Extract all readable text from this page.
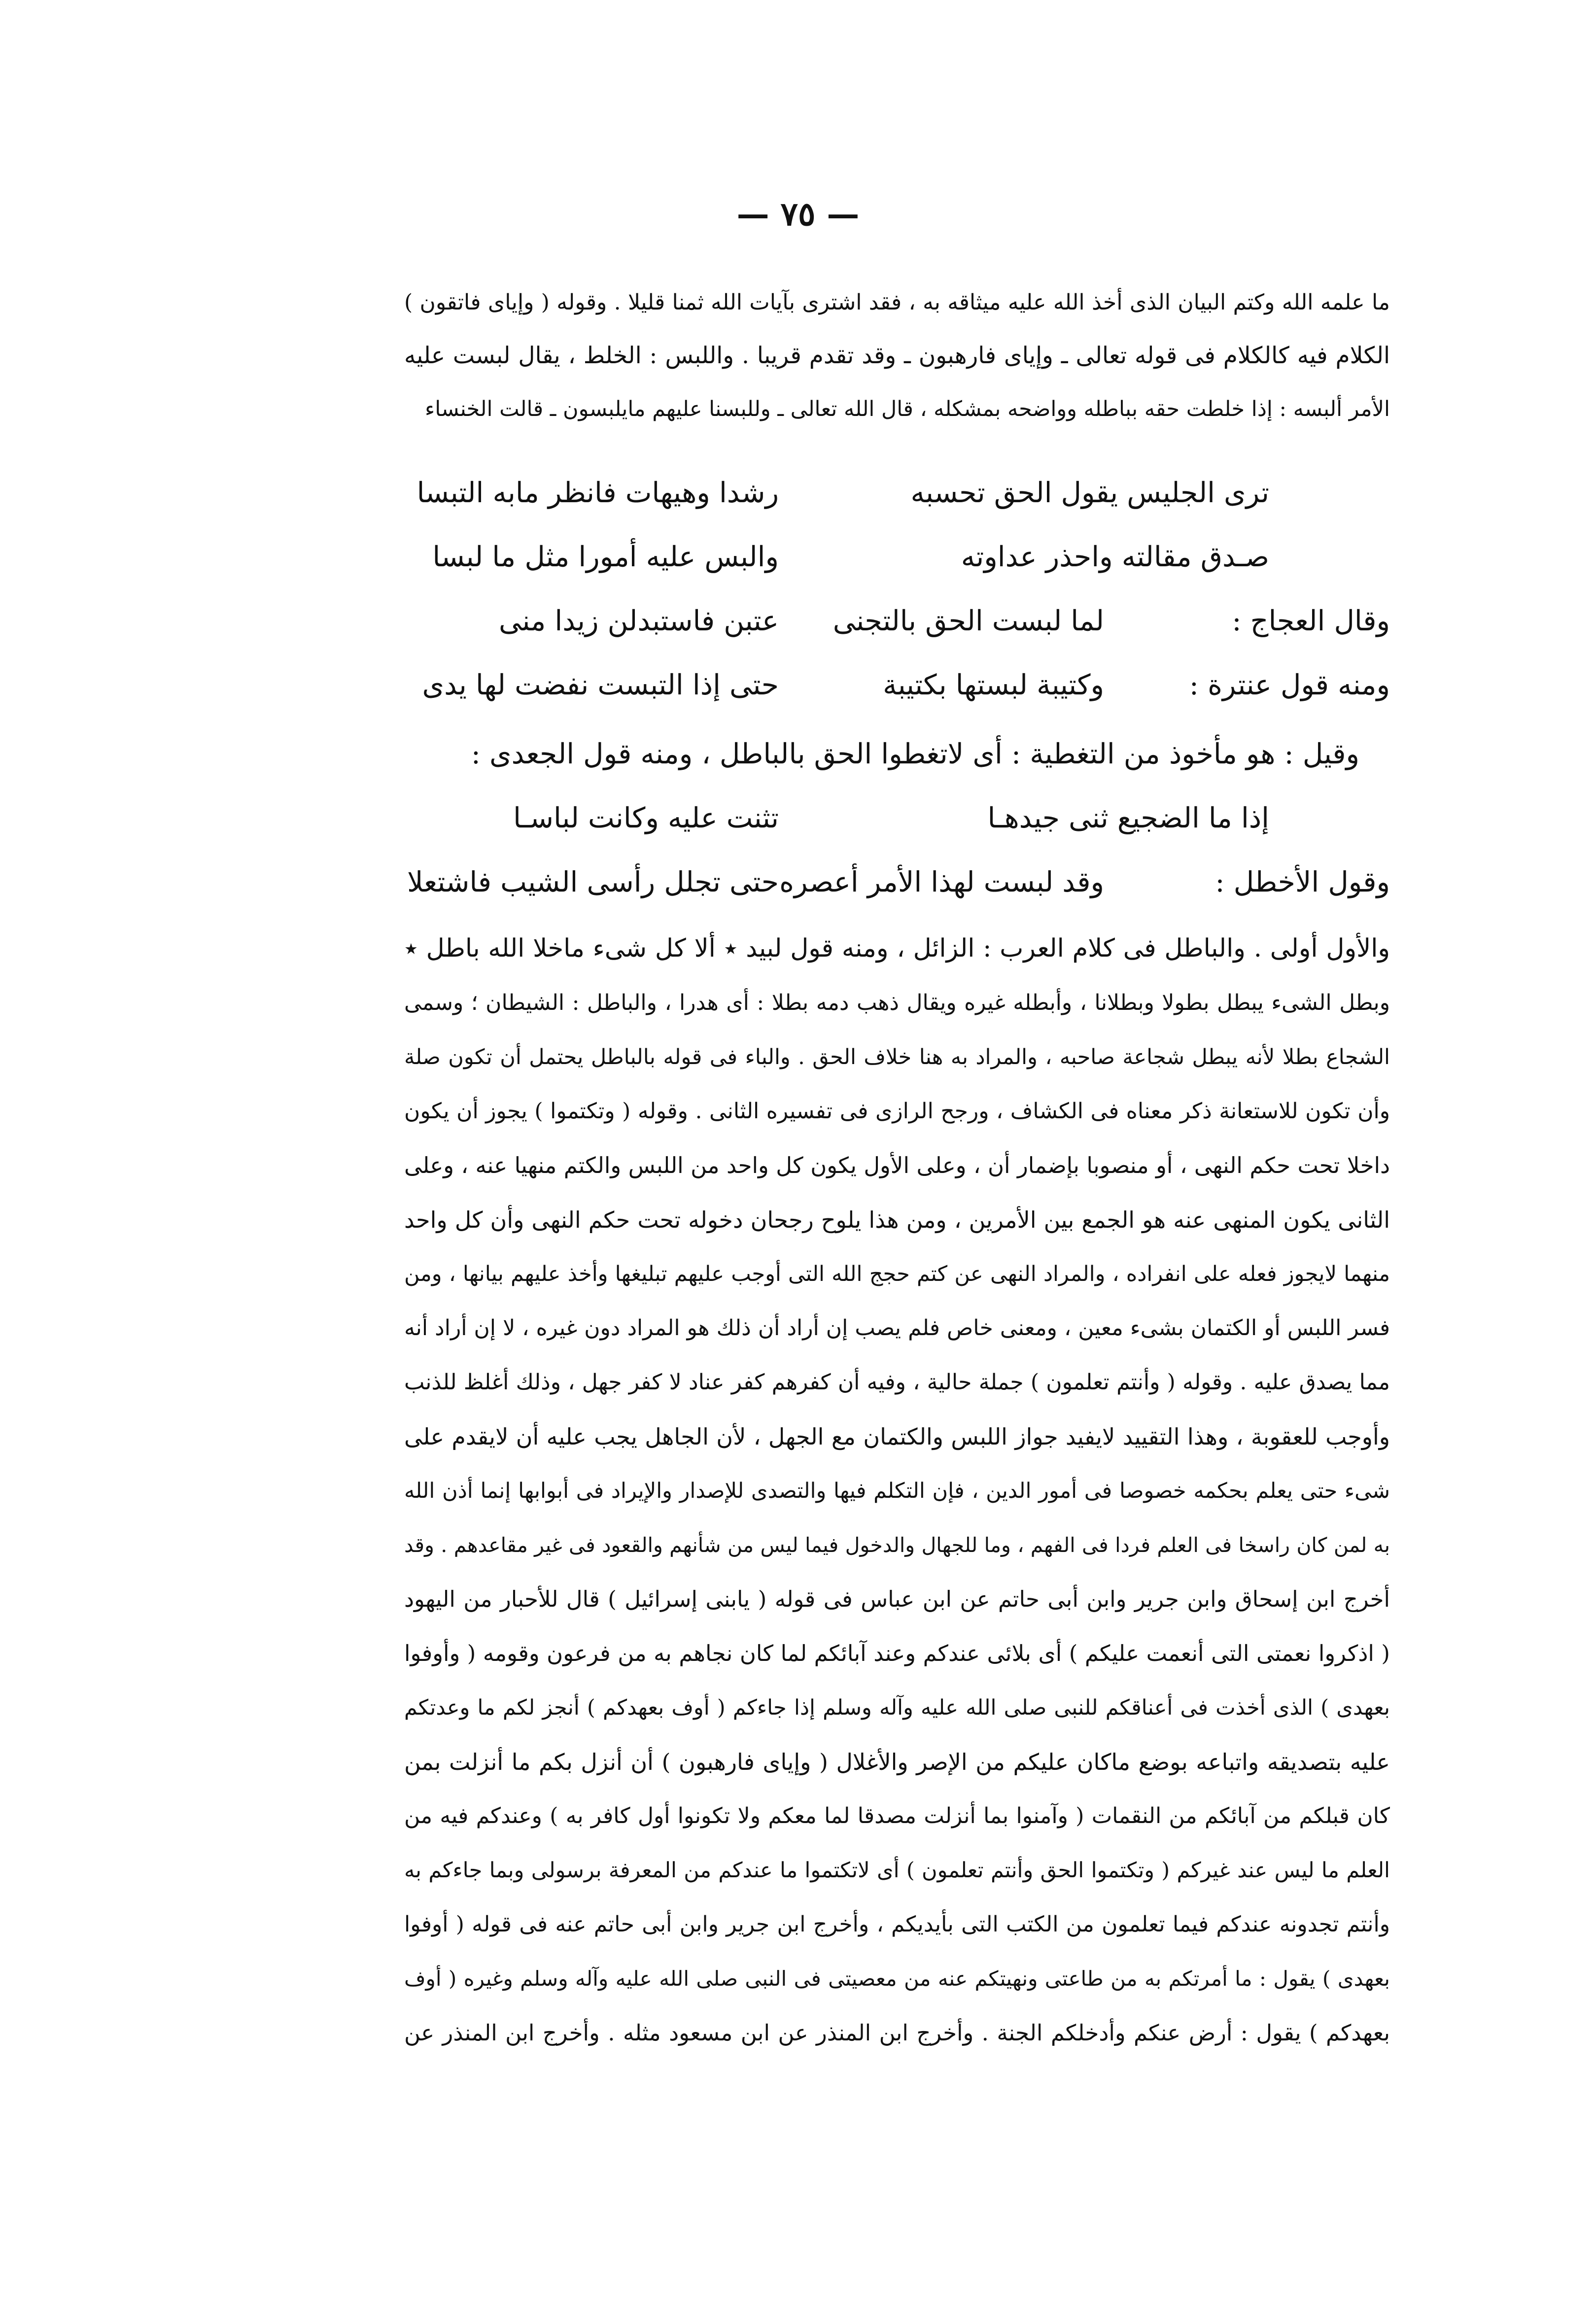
— ٧٥ —
ما علمه الله وكتم البيان الذى أخذ الله عليه ميثاقه به ، فقد اشترى بآيات الله ثمنا قليلا . وقوله ( وإياى فاتقون )
الكلام فيه كالكلام فى قوله تعالى ـ وإياى فارهبون ـ وقد تقدم قريبا . واللبس : الخلط ، يقال لبست عليه
الأمر ألبسه : إذا خلطت حقه بباطله وواضحه بمشكله ، قال الله تعالى ـ وللبسنا عليهم مايلبسون ـ قالت الخنساء
ترى الجليس يقول الحق تحسبه
رشدا وهيهات فانظر مابه التبسا
صـدق مقالته واحذر عداوته
والبس عليه أمورا مثل ما لبسا
وقال العجاج :
لما لبست الحق بالتجنى
عتبن فاستبدلن زيدا منى
ومنه قول عنترة :
وكتيبة لبستها بكتيبة
حتى إذا التبست نفضت لها يدى
وقيل : هو مأخوذ من التغطية : أى لاتغطوا الحق بالباطل ، ومنه قول الجعدى :
إذا ما الضجيع ثنى جيدهـا
تثنت عليه وكانت لباسـا
وقول الأخطل :
وقد لبست لهذا الأمر أعصره
حتى تجلل رأسى الشيب فاشتعلا
والأول أولى . والباطل فى كلام العرب : الزائل ، ومنه قول لبيد ٭ ألا كل شىء ماخلا الله باطل ٭
وبطل الشىء يبطل بطولا وبطلانا ، وأبطله غيره ويقال ذهب دمه بطلا : أى هدرا ، والباطل : الشيطان ؛ وسمى
الشجاع بطلا لأنه يبطل شجاعة صاحبه ، والمراد به هنا خلاف الحق . والباء فى قوله بالباطل يحتمل أن تكون صلة
وأن تكون للاستعانة ذكر معناه فى الكشاف ، ورجح الرازى فى تفسيره الثانى . وقوله ( وتكتموا ) يجوز أن يكون
داخلا تحت حكم النهى ، أو منصوبا بإضمار أن ، وعلى الأول يكون كل واحد من اللبس والكتم منهيا عنه ، وعلى
الثانى يكون المنهى عنه هو الجمع بين الأمرين ، ومن هذا يلوح رجحان دخوله تحت حكم النهى وأن كل واحد
منهما لايجوز فعله على انفراده ، والمراد النهى عن كتم حجج الله التى أوجب عليهم تبليغها وأخذ عليهم بيانها ، ومن
فسر اللبس أو الكتمان بشىء معين ، ومعنى خاص فلم يصب إن أراد أن ذلك هو المراد دون غيره ، لا إن أراد أنه
مما يصدق عليه . وقوله ( وأنتم تعلمون ) جملة حالية ، وفيه أن كفرهم كفر عناد لا كفر جهل ، وذلك أغلظ للذنب
وأوجب للعقوبة ، وهذا التقييد لايفيد جواز اللبس والكتمان مع الجهل ، لأن الجاهل يجب عليه أن لايقدم على
شىء حتى يعلم بحكمه خصوصا فى أمور الدين ، فإن التكلم فيها والتصدى للإصدار والإيراد فى أبوابها إنما أذن الله
به لمن كان راسخا فى العلم فردا فى الفهم ، وما للجهال والدخول فيما ليس من شأنهم والقعود فى غير مقاعدهم . وقد
أخرج ابن إسحاق وابن جرير وابن أبى حاتم عن ابن عباس فى قوله ( يابنى إسرائيل ) قال للأحبار من اليهود
( اذكروا نعمتى التى أنعمت عليكم ) أى بلائى عندكم وعند آبائكم لما كان نجاهم به من فرعون وقومه ( وأوفوا
بعهدى ) الذى أخذت فى أعناقكم للنبى صلى الله عليه وآله وسلم إذا جاءكم ( أوف بعهدكم ) أنجز لكم ما وعدتكم
عليه بتصديقه واتباعه بوضع ماكان عليكم من الإصر والأغلال ( وإياى فارهبون ) أن أنزل بكم ما أنزلت بمن
كان قبلكم من آبائكم من النقمات ( وآمنوا بما أنزلت مصدقا لما معكم ولا تكونوا أول كافر به ) وعندكم فيه من
العلم ما ليس عند غيركم ( وتكتموا الحق وأنتم تعلمون ) أى لاتكتموا ما عندكم من المعرفة برسولى وبما جاءكم به
وأنتم تجدونه عندكم فيما تعلمون من الكتب التى بأيديكم ، وأخرج ابن جرير وابن أبى حاتم عنه فى قوله ( أوفوا
بعهدى ) يقول : ما أمرتكم به من طاعتى ونهيتكم عنه من معصيتى فى النبى صلى الله عليه وآله وسلم وغيره ( أوف
بعهدكم ) يقول : أرض عنكم وأدخلكم الجنة . وأخرج ابن المنذر عن ابن مسعود مثله . وأخرج ابن المنذر عن
